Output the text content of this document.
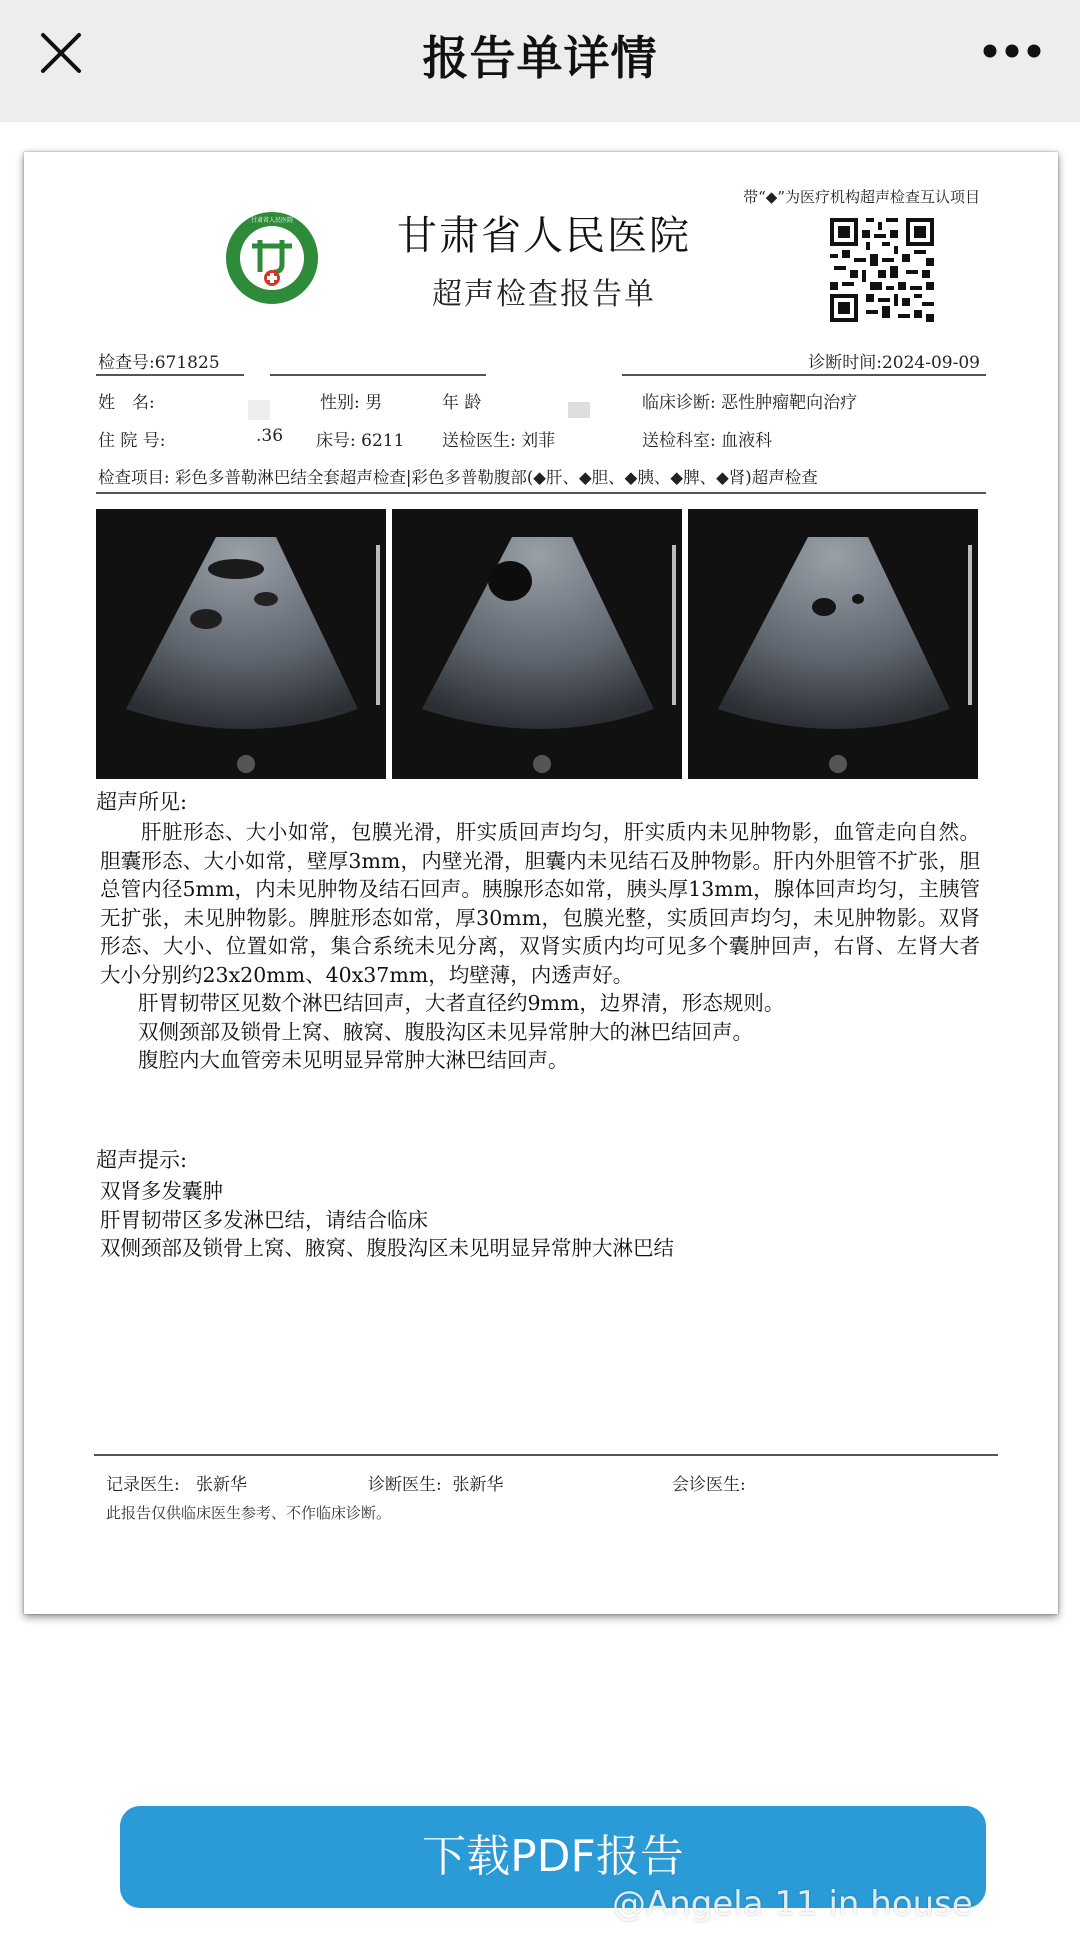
报告单详情
带“◆”为医疗机构超声检查互认项目
甘肃省人民医院	甘肃省人民医院
超声检查报告单
检查号:671825	诊断时间:2024-09-09
姓　名:	性别: 男	年 龄	临床诊断: 恶性肿瘤靶向治疗
住 院 号:	.36 床号: 6211 送检医生: 刘菲	送检科室: 血液科
检查项目: 彩色多普勒淋巴结全套超声检查|彩色多普勒腹部(◆肝、◆胆、◆胰、◆脾、◆肾)超声检查
超声所见:

肝脏形态、大小如常，包膜光滑，肝实质回声均匀，肝实质内未见肿物影，血管走向自然。胆囊形态、大小如常，壁厚3mm，内壁光滑，胆囊内未见结石及肿物影。肝内外胆管不扩张，胆总管内径5mm，内未见肿物及结石回声。胰腺形态如常，胰头厚13mm，腺体回声均匀，主胰管无扩张，未见肿物影。脾脏形态如常，厚30mm，包膜光整，实质回声均匀，未见肿物影。双肾形态、大小、位置如常，集合系统未见分离，双肾实质内均可见多个囊肿回声，右肾、左肾大者大小分别约23x20mm、40x37mm，均壁薄，内透声好。

肝胃韧带区见数个淋巴结回声，大者直径约9mm，边界清，形态规则。

双侧颈部及锁骨上窝、腋窝、腹股沟区未见异常肿大的淋巴结回声。

腹腔内大血管旁未见明显异常肿大淋巴结回声。

超声提示:
双肾多发囊肿
肝胃韧带区多发淋巴结，请结合临床
双侧颈部及锁骨上窝、腋窝、腹股沟区未见明显异常肿大淋巴结
记录医生: 张新华	诊断医生: 张新华	会诊医生:
此报告仅供临床医生参考、不作临床诊断。
下载PDF报告
@Angela 11 in house
